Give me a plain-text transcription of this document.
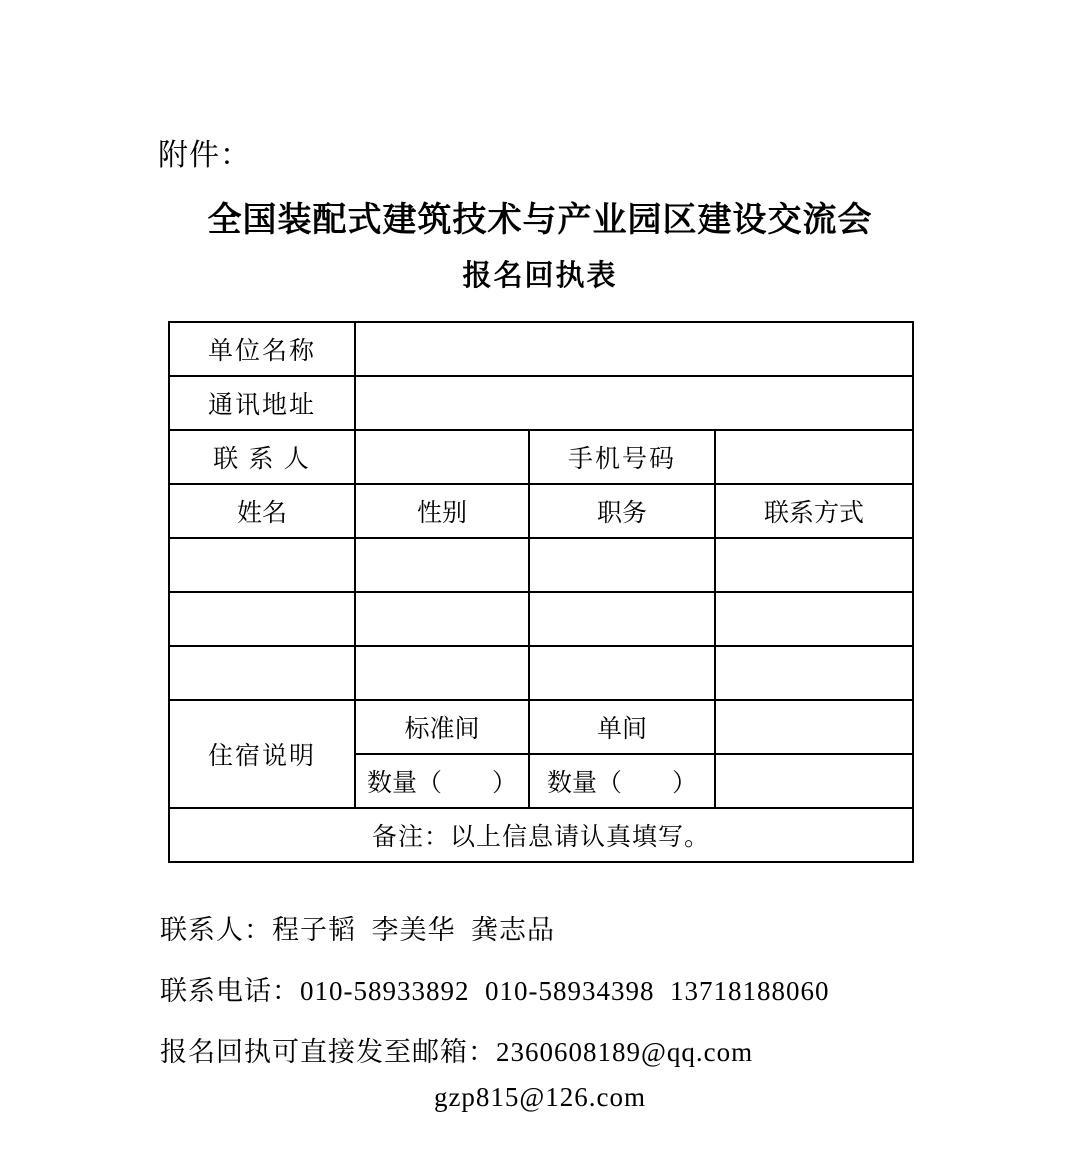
附件：
全国装配式建筑技术与产业园区建设交流会
报名回执表
单位名称			
通讯地址			
联 系 人		手机号码	
姓名	性别	职务	联系方式

住宿说明	标准间	单间	
	数量（　　）	数量（　　）	
备注：以上信息请认真填写。			
联系人：程子韬  李美华  龚志品
联系电话：010-58933892  010-58934398  13718188060
报名回执可直接发至邮箱：2360608189@qq.com
gzp815@126.com
